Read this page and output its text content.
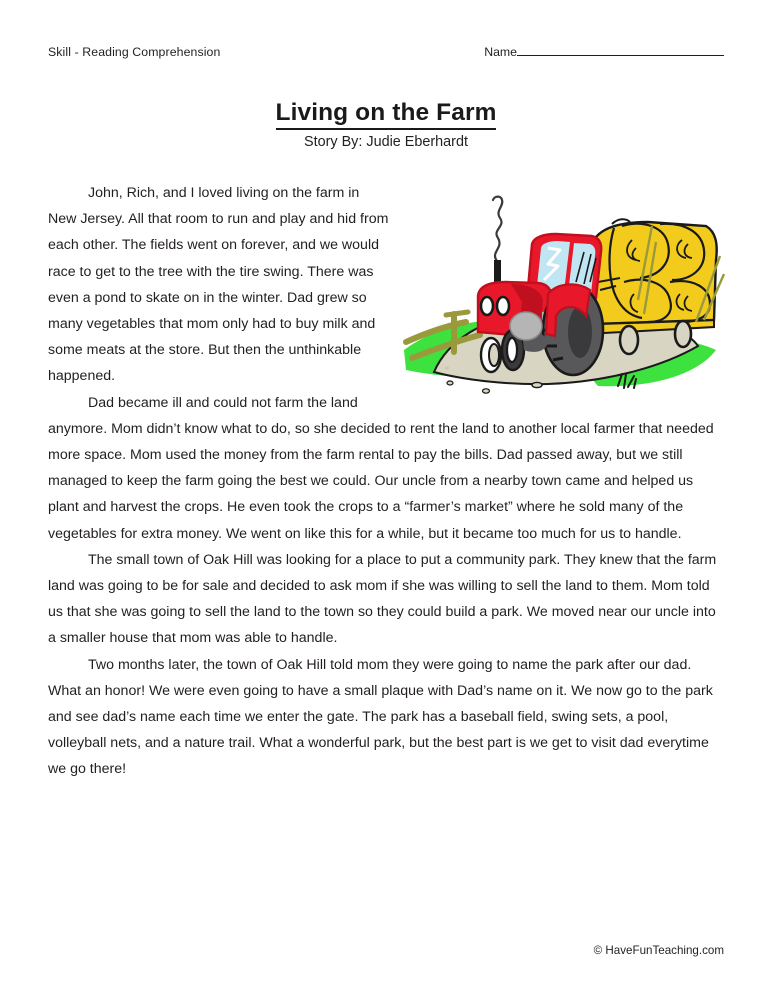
Skill - Reading Comprehension	Name
Living on the Farm
Story By: Judie Eberhardt

John, Rich, and I loved living on the farm in New Jersey. All that room to run and play and hid from each other. The fields went on forever, and we would race to get to the tree with the tire swing. There was even a pond to skate on in the winter. Dad grew so many vegetables that mom only had to buy milk and some meats at the store. But then the unthinkable happened.

Dad became ill and could not farm the land anymore. Mom didn’t know what to do, so she decided to rent the land to another local farmer that needed more space. Mom used the money from the farm rental to pay the bills. Dad passed away, but we still managed to keep the farm going the best we could. Our uncle from a nearby town came and helped us plant and harvest the crops. He even took the crops to a “farmer’s market” where he sold many of the vegetables for extra money. We went on like this for a while, but it became too much for us to handle.

The small town of Oak Hill was looking for a place to put a community park. They knew that the farm land was going to be for sale and decided to ask mom if she was willing to sell the land to them. Mom told us that she was going to sell the land to the town so they could build a park. We moved near our uncle into a smaller house that mom was able to handle.

Two months later, the town of Oak Hill told mom they were going to name the park after our dad. What an honor! We were even going to have a small plaque with Dad’s name on it. We now go to the park and see dad’s name each time we enter the gate. The park has a baseball field, swing sets, a pool, volleyball nets, and a nature trail. What a wonderful park, but the best part is we get to visit dad everytime we go there!

© HaveFunTeaching.com
